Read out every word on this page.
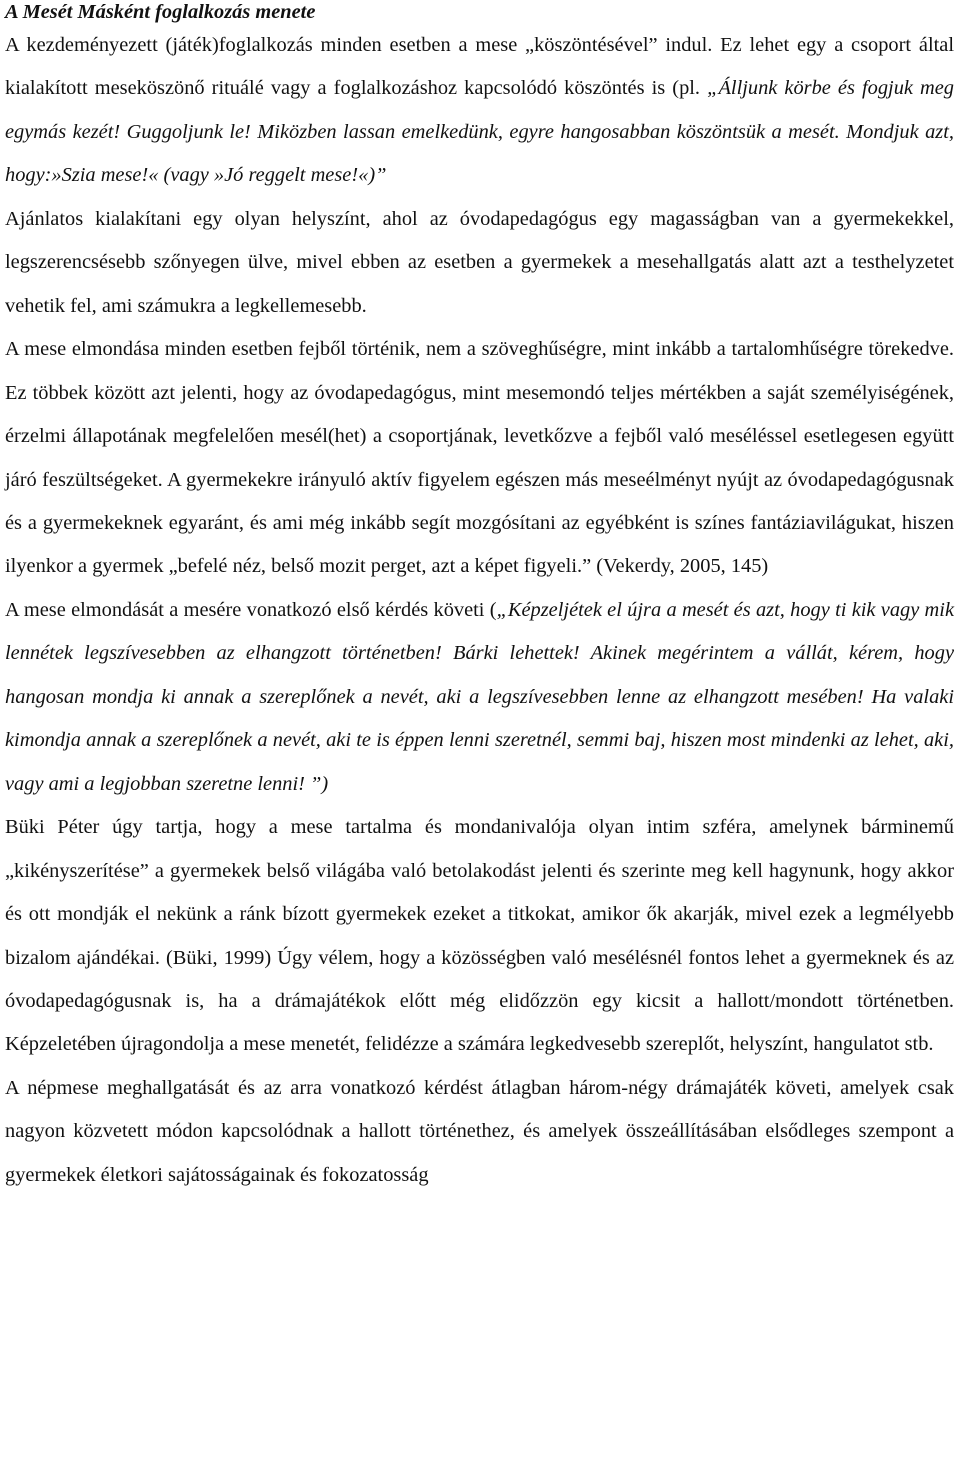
A Mesét Másként foglalkozás menete

A kezdeményezett (játék)foglalkozás minden esetben a mese „köszöntésével” indul. Ez lehet egy a csoport által kialakított meseköszönő rituálé vagy a foglalkozáshoz kapcsolódó köszöntés is (pl. „Álljunk körbe és fogjuk meg egymás kezét! Guggoljunk le! Miközben lassan emelkedünk, egyre hangosabban köszöntsük a mesét. Mondjuk azt, hogy:»Szia mese!« (vagy »Jó reggelt mese!«)”

Ajánlatos kialakítani egy olyan helyszínt, ahol az óvodapedagógus egy magasságban van a gyermekekkel, legszerencsésebb szőnyegen ülve, mivel ebben az esetben a gyermekek a mesehallgatás alatt azt a testhelyzetet vehetik fel, ami számukra a legkellemesebb.

A mese elmondása minden esetben fejből történik, nem a szöveghűségre, mint inkább a tartalomhűségre törekedve. Ez többek között azt jelenti, hogy az óvodapedagógus, mint mesemondó teljes mértékben a saját személyiségének, érzelmi állapotának megfelelően mesél(het) a csoportjának, levetkőzve a fejből való meséléssel esetlegesen együtt járó feszültségeket. A gyermekekre irányuló aktív figyelem egészen más meseélményt nyújt az óvodapedagógusnak és a gyermekeknek egyaránt, és ami még inkább segít mozgósítani az egyébként is színes fantáziavilágukat, hiszen ilyenkor a gyermek „befelé néz, belső mozit perget, azt a képet figyeli.” (Vekerdy, 2005, 145)

A mese elmondását a mesére vonatkozó első kérdés követi („Képzeljétek el újra a mesét és azt, hogy ti kik vagy mik lennétek legszívesebben az elhangzott történetben! Bárki lehettek! Akinek megérintem a vállát, kérem, hogy hangosan mondja ki annak a szereplőnek a nevét, aki a legszívesebben lenne az elhangzott mesében! Ha valaki kimondja annak a szereplőnek a nevét, aki te is éppen lenni szeretnél, semmi baj, hiszen most mindenki az lehet, aki, vagy ami a legjobban szeretne lenni! ”)

Büki Péter úgy tartja, hogy a mese tartalma és mondanivalója olyan intim szféra, amelynek bárminemű „kikényszerítése” a gyermekek belső világába való betolakodást jelenti és szerinte meg kell hagynunk, hogy akkor és ott mondják el nekünk a ránk bízott gyermekek ezeket a titkokat, amikor ők akarják, mivel ezek a legmélyebb bizalom ajándékai. (Büki, 1999) Úgy vélem, hogy a közösségben való mesélésnél fontos lehet a gyermeknek és az óvodapedagógusnak is, ha a drámajátékok előtt még elidőzzön egy kicsit a hallott/mondott történetben. Képzeletében újragondolja a mese menetét, felidézze a számára legkedvesebb szereplőt, helyszínt, hangulatot stb.

A népmese meghallgatását és az arra vonatkozó kérdést átlagban három-négy drámajáték követi, amelyek csak nagyon közvetett módon kapcsolódnak a hallott történethez, és amelyek összeállításában elsődleges szempont a gyermekek életkori sajátosságainak és fokozatosság
